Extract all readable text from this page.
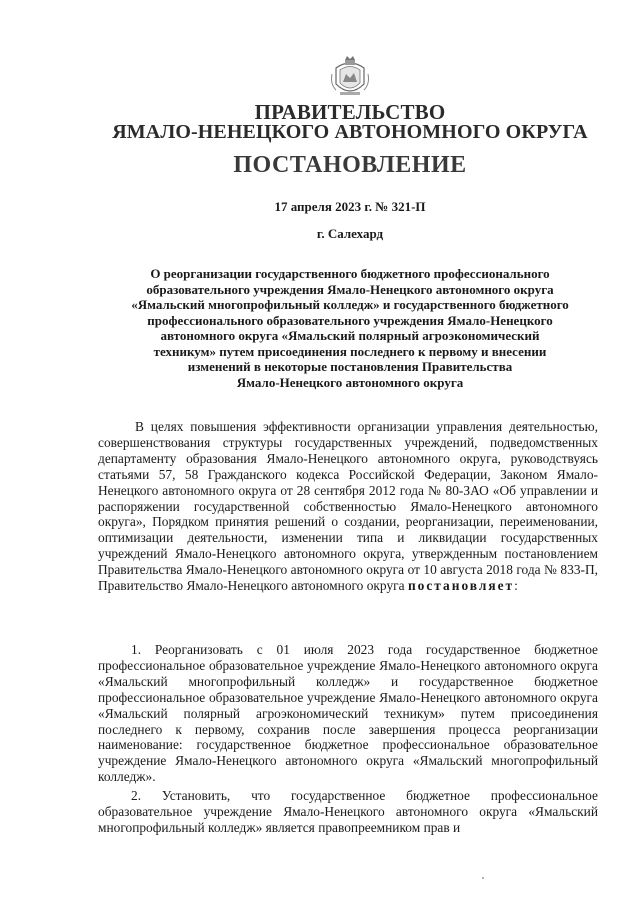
ПРАВИТЕЛЬСТВО
ЯМАЛО-НЕНЕЦКОГО АВТОНОМНОГО ОКРУГА
ПОСТАНОВЛЕНИЕ
17 апреля 2023 г. № 321-П
г. Салехард
О реорганизации государственного бюджетного профессионального
образовательного учреждения Ямало-Ненецкого автономного округа
«Ямальский многопрофильный колледж» и государственного бюджетного
профессионального образовательного учреждения Ямало-Ненецкого
автономного округа «Ямальский полярный агроэкономический
техникум» путем присоединения последнего к первому и внесении
изменений в некоторые постановления Правительства
Ямало-Ненецкого автономного округа
В целях повышения эффективности организации управления деятельностью, совершенствования структуры государственных учреждений, подведомственных департаменту образования Ямало-Ненецкого автономного округа, руководствуясь статьями 57, 58 Гражданского кодекса Российской Федерации, Законом Ямало-Ненецкого автономного округа от 28 сентября 2012 года № 80-ЗАО «Об управлении и распоряжении государственной собственностью Ямало-Ненецкого автономного округа», Порядком принятия решений о создании, реорганизации, переименовании, оптимизации деятельности, изменении типа и ликвидации государственных учреждений Ямало-Ненецкого автономного округа, утвержденным постановлением Правительства Ямало-Ненецкого автономного округа от 10 августа 2018 года № 833-П, Правительство Ямало-Ненецкого автономного округа постановляет:
1. Реорганизовать с 01 июля 2023 года государственное бюджетное профессиональное образовательное учреждение Ямало-Ненецкого автономного округа «Ямальский многопрофильный колледж» и государственное бюджетное профессиональное образовательное учреждение Ямало-Ненецкого автономного округа «Ямальский полярный агроэкономический техникум» путем присоединения последнего к первому, сохранив после завершения процесса реорганизации наименование: государственное бюджетное профессиональное образовательное учреждение Ямало-Ненецкого автономного округа «Ямальский многопрофильный колледж».
2. Установить, что государственное бюджетное профессиональное образовательное учреждение Ямало-Ненецкого автономного округа «Ямальский многопрофильный колледж» является правопреемником прав и
